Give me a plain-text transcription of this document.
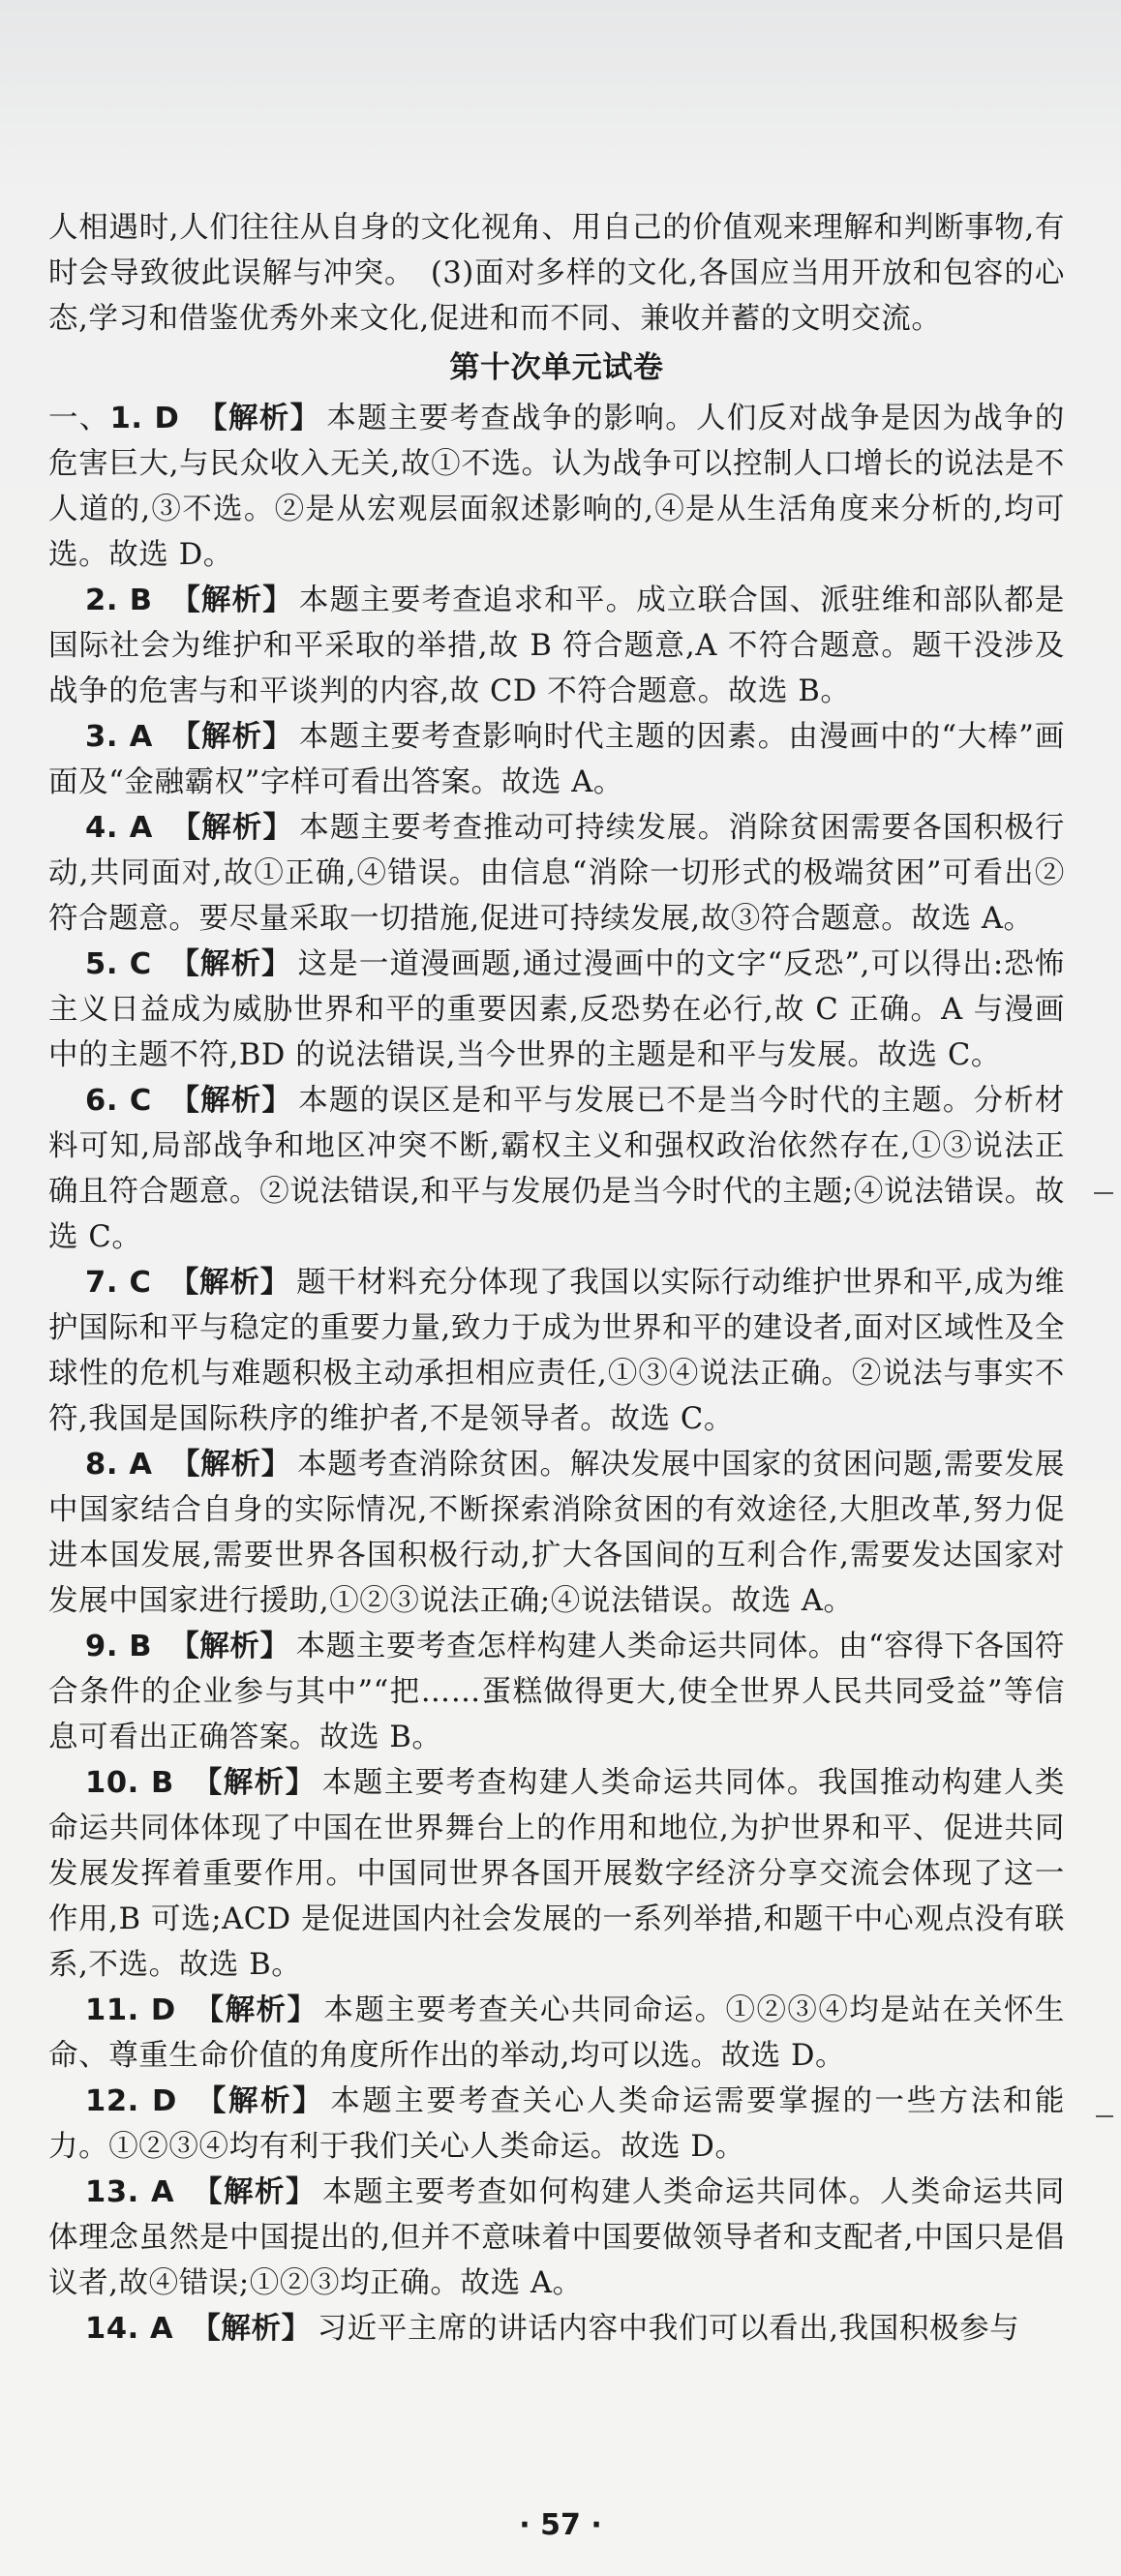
人相遇时,人们往往从自身的文化视角、用自己的价值观来理解和判断事物,有时会导致彼此误解与冲突。　(3)面对多样的文化,各国应当用开放和包容的心态,学习和借鉴优秀外来文化,促进和而不同、兼收并蓄的文明交流。

第十次单元试卷

一、1. D 【解析】 本题主要考查战争的影响。人们反对战争是因为战争的危害巨大,与民众收入无关,故①不选。认为战争可以控制人口增长的说法是不人道的,③不选。②是从宏观层面叙述影响的,④是从生活角度来分析的,均可选。故选 D。

2. B 【解析】 本题主要考查追求和平。成立联合国、派驻维和部队都是国际社会为维护和平采取的举措,故 B 符合题意,A 不符合题意。题干没涉及战争的危害与和平谈判的内容,故 CD 不符合题意。故选 B。

3. A 【解析】 本题主要考查影响时代主题的因素。由漫画中的“大棒”画面及“金融霸权”字样可看出答案。故选 A。

4. A 【解析】 本题主要考查推动可持续发展。消除贫困需要各国积极行动,共同面对,故①正确,④错误。由信息“消除一切形式的极端贫困”可看出②符合题意。要尽量采取一切措施,促进可持续发展,故③符合题意。故选 A。

5. C 【解析】 这是一道漫画题,通过漫画中的文字“反恐”,可以得出:恐怖主义日益成为威胁世界和平的重要因素,反恐势在必行,故 C 正确。A 与漫画中的主题不符,BD 的说法错误,当今世界的主题是和平与发展。故选 C。

6. C 【解析】 本题的误区是和平与发展已不是当今时代的主题。分析材料可知,局部战争和地区冲突不断,霸权主义和强权政治依然存在,①③说法正确且符合题意。②说法错误,和平与发展仍是当今时代的主题;④说法错误。故选 C。

7. C 【解析】 题干材料充分体现了我国以实际行动维护世界和平,成为维护国际和平与稳定的重要力量,致力于成为世界和平的建设者,面对区域性及全球性的危机与难题积极主动承担相应责任,①③④说法正确。②说法与事实不符,我国是国际秩序的维护者,不是领导者。故选 C。

8. A 【解析】 本题考查消除贫困。解决发展中国家的贫困问题,需要发展中国家结合自身的实际情况,不断探索消除贫困的有效途径,大胆改革,努力促进本国发展,需要世界各国积极行动,扩大各国间的互利合作,需要发达国家对发展中国家进行援助,①②③说法正确;④说法错误。故选 A。

9. B 【解析】 本题主要考查怎样构建人类命运共同体。由“容得下各国符合条件的企业参与其中”“把……蛋糕做得更大,使全世界人民共同受益”等信息可看出正确答案。故选 B。

10. B 【解析】 本题主要考查构建人类命运共同体。我国推动构建人类命运共同体体现了中国在世界舞台上的作用和地位,为护世界和平、促进共同发展发挥着重要作用。中国同世界各国开展数字经济分享交流会体现了这一作用,B 可选;ACD 是促进国内社会发展的一系列举措,和题干中心观点没有联系,不选。故选 B。

11. D 【解析】 本题主要考查关心共同命运。①②③④均是站在关怀生命、尊重生命价值的角度所作出的举动,均可以选。故选 D。

12. D 【解析】 本题主要考查关心人类命运需要掌握的一些方法和能力。①②③④均有利于我们关心人类命运。故选 D。

13. A 【解析】 本题主要考查如何构建人类命运共同体。人类命运共同体理念虽然是中国提出的,但并不意味着中国要做领导者和支配者,中国只是倡议者,故④错误;①②③均正确。故选 A。

14. A 【解析】 习近平主席的讲话内容中我们可以看出,我国积极参与

· 57 ·
